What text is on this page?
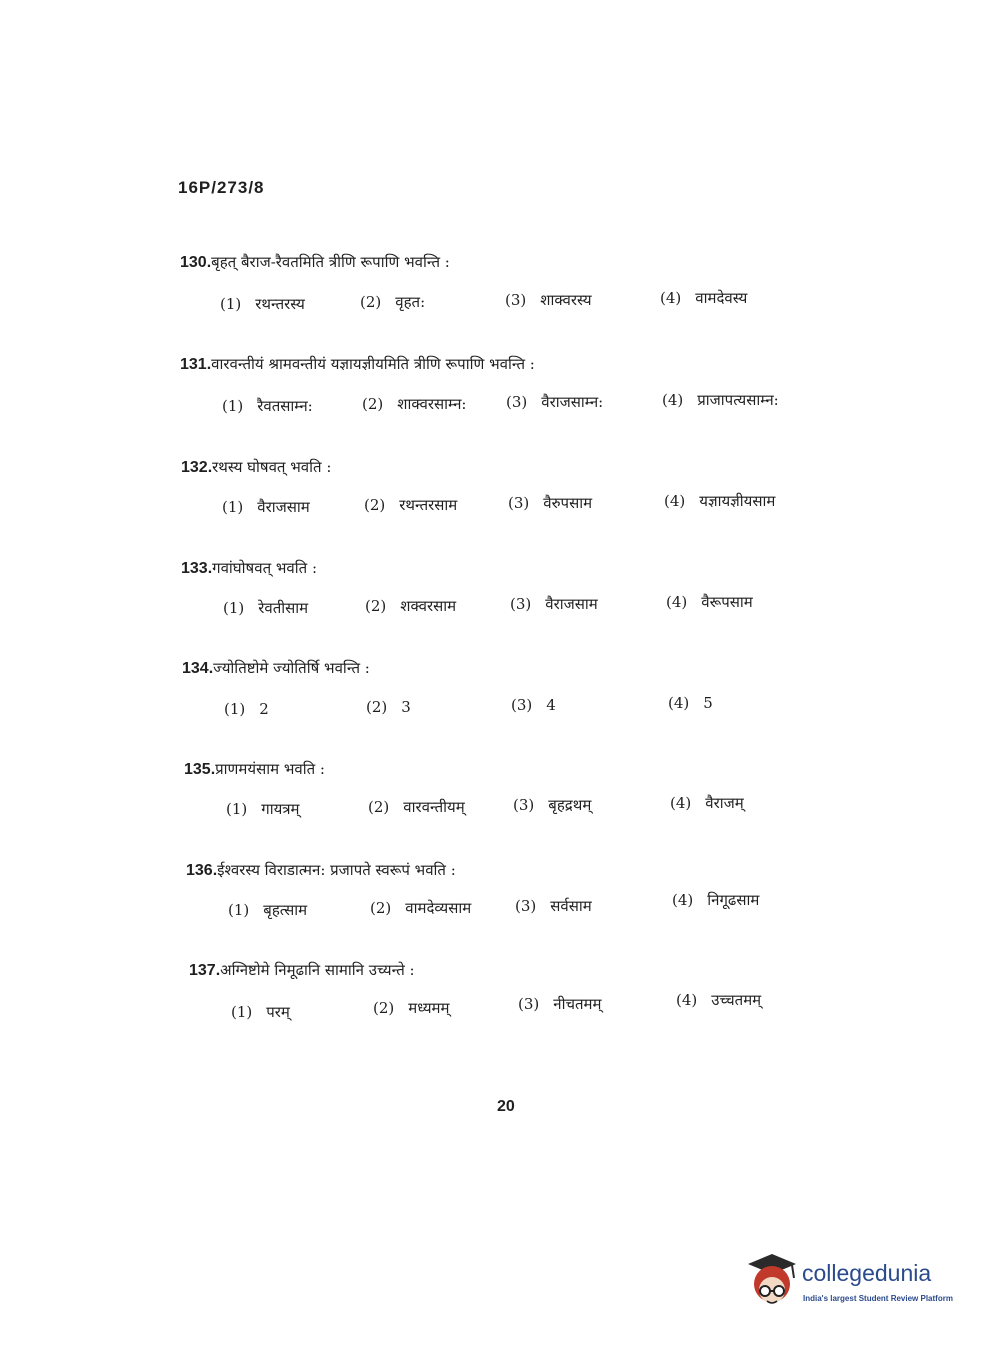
16P/273/8
130.बृहत् बैराज-रैवतमिति त्रीणि रूपाणि भवन्ति :
(1) रथन्तरस्य	(2) वृहत:	(3) शाक्वरस्य	(4) वामदेवस्य
131.वारवन्तीयं श्रामवन्तीयं यज्ञायज्ञीयमिति त्रीणि रूपाणि भवन्ति :
(1) रैवतसाम्न:	(2) शाक्वरसाम्न:	(3) वैराजसाम्न:	(4) प्राजापत्यसाम्न:
132.रथस्य घोषवत् भवति :
(1) वैराजसाम	(2) रथन्तरसाम	(3) वैरुपसाम	(4) यज्ञायज्ञीयसाम
133.गवांघोषवत् भवति :
(1) रेवतीसाम	(2) शक्वरसाम	(3) वैराजसाम	(4) वैरूपसाम
134.ज्योतिष्टोमे ज्योतिर्षि भवन्ति :
(1) 2	(2) 3	(3) 4	(4) 5
135.प्राणमयंसाम भवति :
(1) गायत्रम्	(2) वारवन्तीयम्	(3) बृहद्रथम्	(4) वैराजम्
136.ईश्वरस्य विराडात्मन: प्रजापते स्वरूपं भवति :
(1) बृहत्साम	(2) वामदेव्यसाम	(3) सर्वसाम	(4) निगूढसाम
137.अग्निष्टोमे निमूढानि सामानि उच्यन्ते :
(1) परम्	(2) मध्यमम्	(3) नीचतमम्	(4) उच्चतमम्
20
collegedunia
India's largest Student Review Platform
